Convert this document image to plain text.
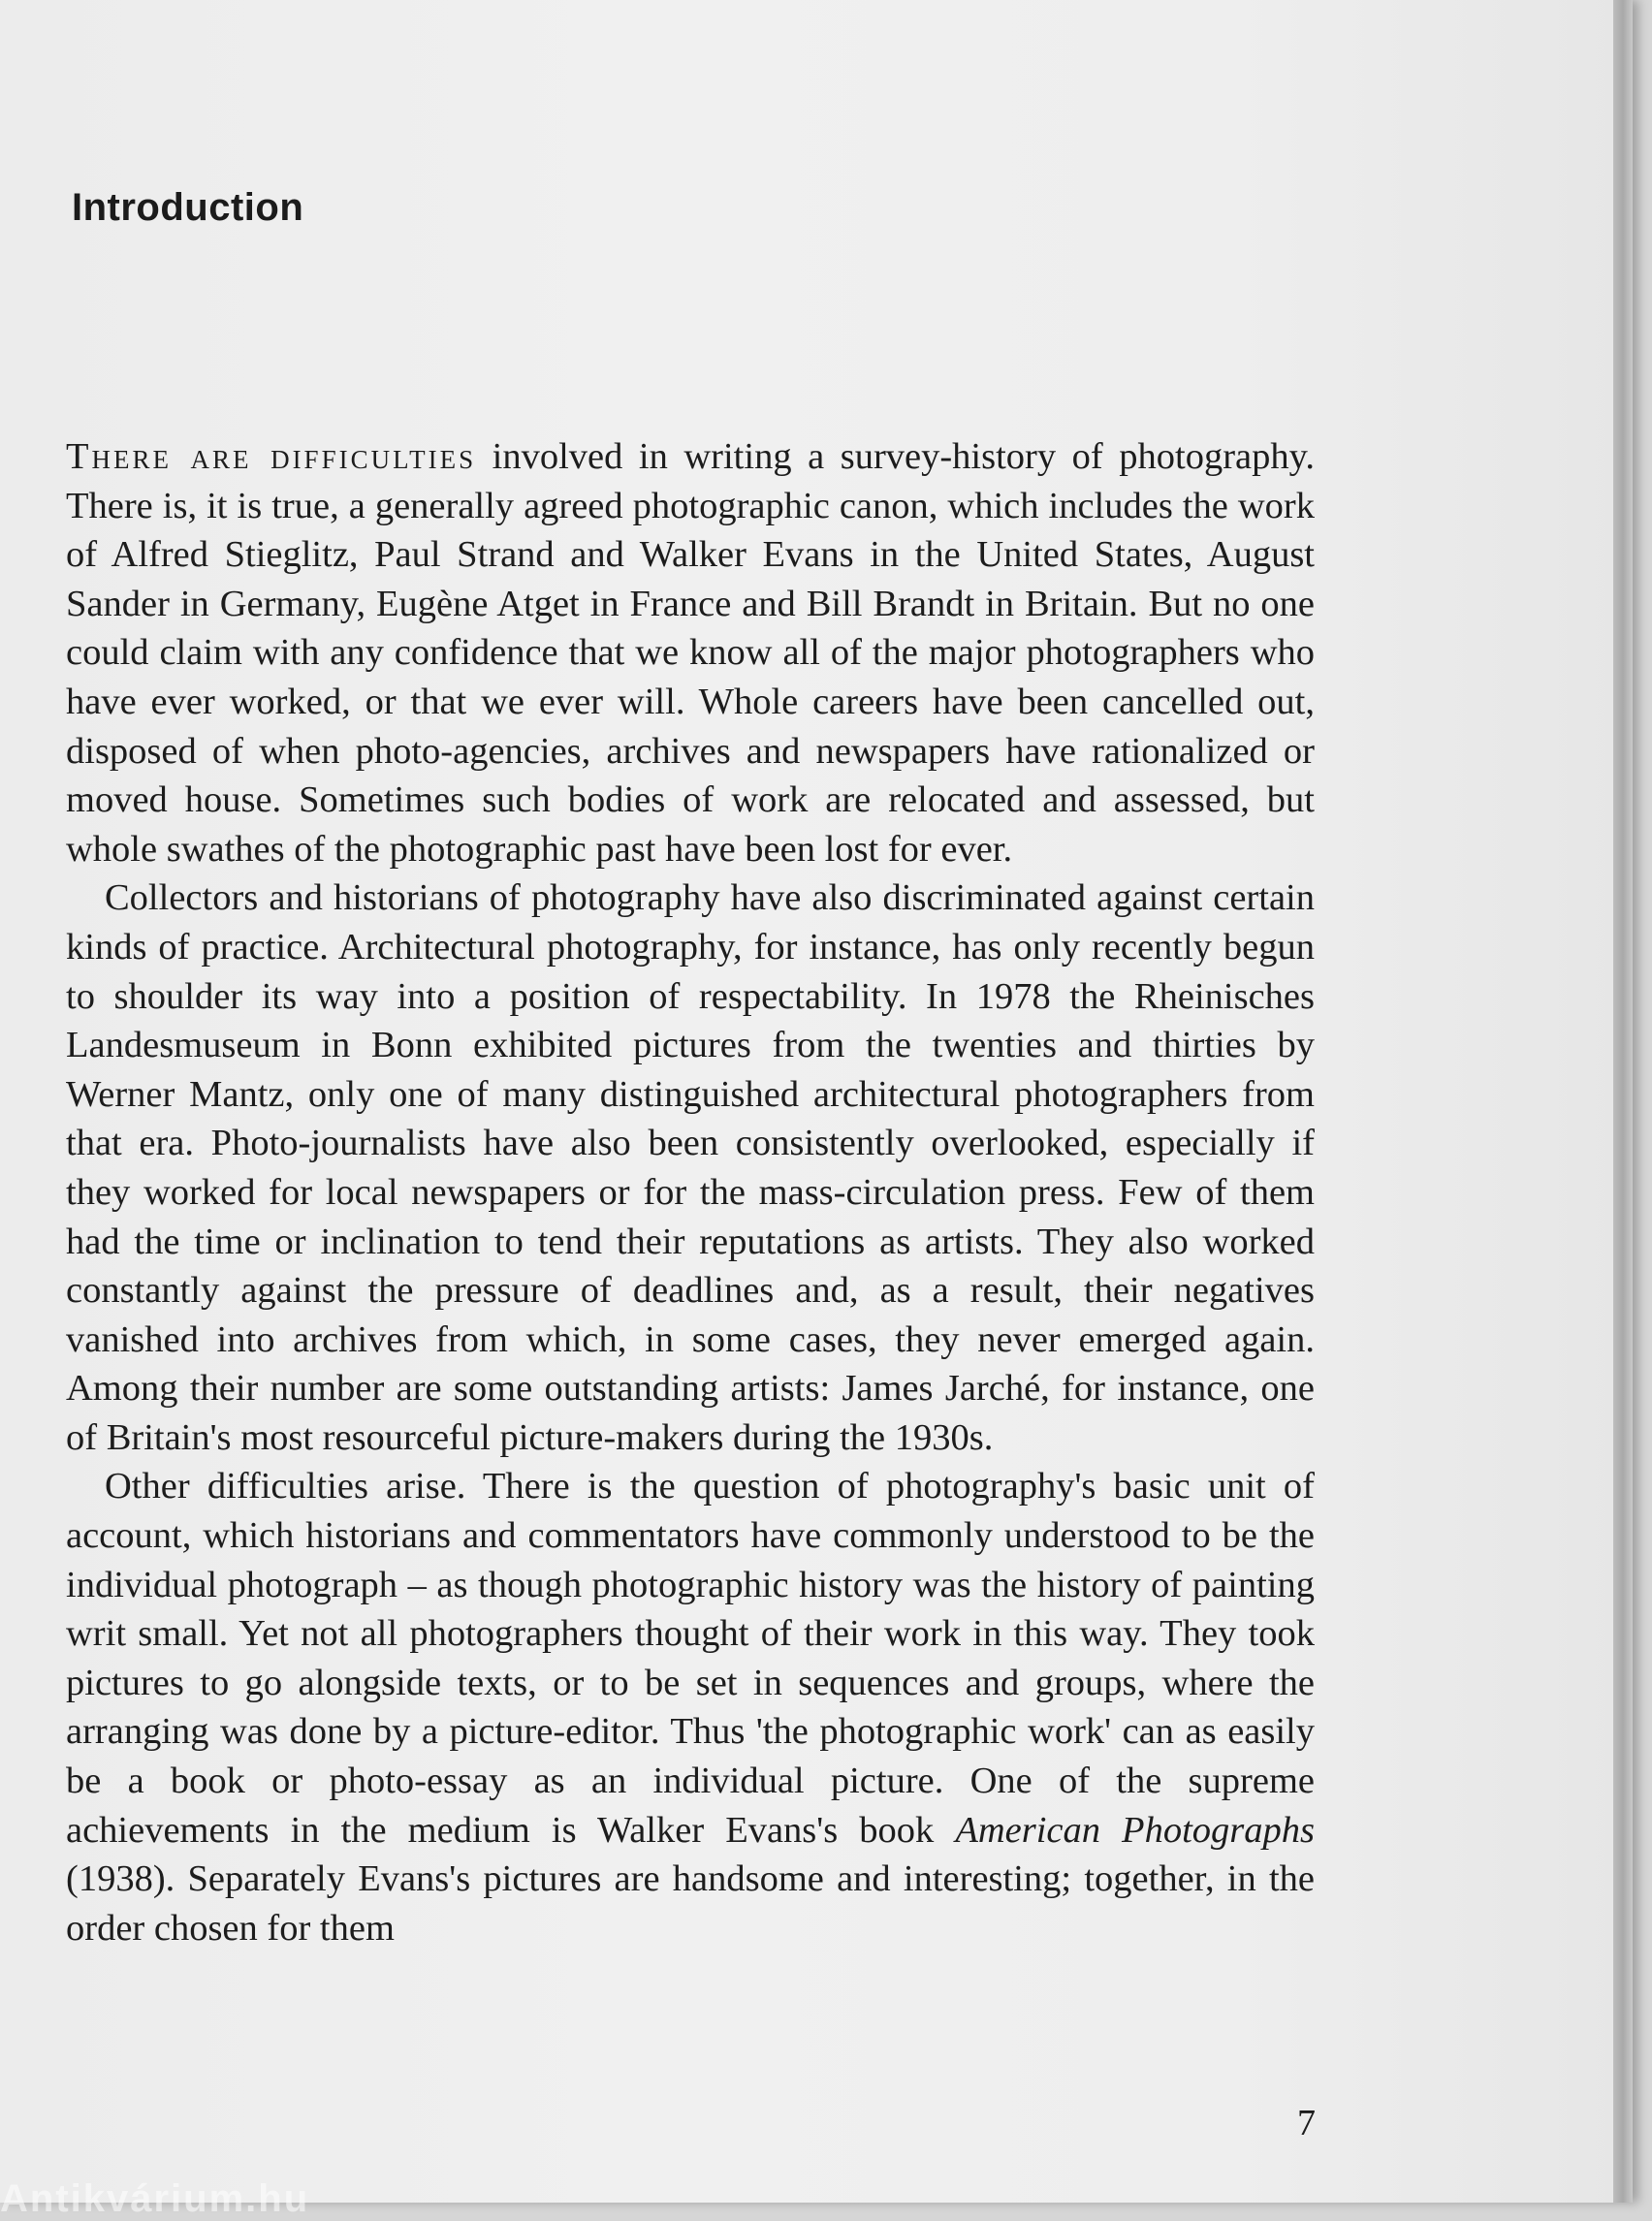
Introduction

There are difficulties involved in writing a survey-history of photography. There is, it is true, a generally agreed photographic canon, which includes the work of Alfred Stieglitz, Paul Strand and Walker Evans in the United States, August Sander in Germany, Eugène Atget in France and Bill Brandt in Britain. But no one could claim with any confidence that we know all of the major photographers who have ever worked, or that we ever will. Whole careers have been cancelled out, disposed of when photo-agencies, archives and newspapers have rationalized or moved house. Sometimes such bodies of work are relocated and assessed, but whole swathes of the photographic past have been lost for ever.

Collectors and historians of photography have also discriminated against certain kinds of practice. Architectural photography, for instance, has only recently begun to shoulder its way into a position of respectability. In 1978 the Rheinisches Landesmuseum in Bonn exhibited pictures from the twenties and thirties by Werner Mantz, only one of many distinguished architectural photographers from that era. Photo-journalists have also been consistently overlooked, especially if they worked for local newspapers or for the mass-circulation press. Few of them had the time or inclination to tend their reputations as artists. They also worked constantly against the pressure of deadlines and, as a result, their negatives vanished into archives from which, in some cases, they never emerged again. Among their number are some outstanding artists: James Jarché, for instance, one of Britain's most resourceful picture-makers during the 1930s.

Other difficulties arise. There is the question of photography's basic unit of account, which historians and commentators have commonly understood to be the individual photograph – as though photographic history was the history of painting writ small. Yet not all photographers thought of their work in this way. They took pictures to go alongside texts, or to be set in sequences and groups, where the arranging was done by a picture-editor. Thus 'the photographic work' can as easily be a book or photo-essay as an individual picture. One of the supreme achievements in the medium is Walker Evans's book American Photographs (1938). Separately Evans's pictures are handsome and interesting; together, in the order chosen for them

7
Antikvárium.hu
